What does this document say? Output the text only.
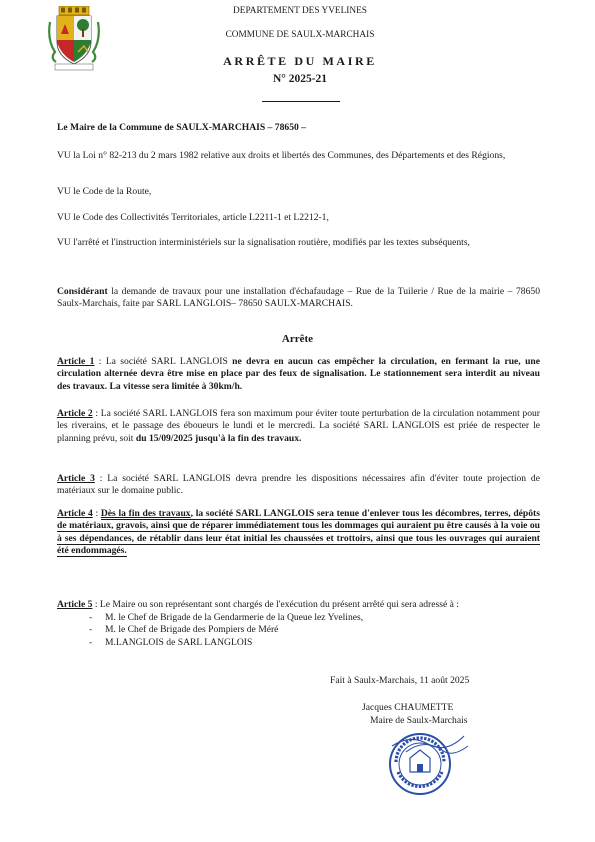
DEPARTEMENT DES YVELINES
COMMUNE DE SAULX-MARCHAIS
ARRÊTE DU MAIRE
N° 2025-21
Le Maire de la Commune de SAULX-MARCHAIS – 78650 –

VU la Loi n° 82-213 du 2 mars 1982 relative aux droits et libertés des Communes, des Départements et des Régions,

VU le Code de la Route,

VU le Code des Collectivités Territoriales, article L2211-1 et L2212-1,

VU l'arrêté et l'instruction interministériels sur la signalisation routière, modifiés par les textes subséquents,

Considérant la demande de travaux pour une installation d'échafaudage – Rue de la Tuilerie / Rue de la mairie – 78650 Saulx-Marchais, faite par SARL LANGLOIS– 78650 SAULX-MARCHAIS.

Arrête

Article 1 : La société SARL LANGLOIS ne devra en aucun cas empêcher la circulation, en fermant la rue, une circulation alternée devra être mise en place par des feux de signalisation. Le stationnement sera interdit au niveau des travaux. La vitesse sera limitée à 30km/h.

Article 2 : La société SARL LANGLOIS fera son maximum pour éviter toute perturbation de la circulation notamment pour les riverains, et le passage des éboueurs le lundi et le mercredi. La société SARL LANGLOIS est priée de respecter le planning prévu, soit du 15/09/2025 jusqu'à la fin des travaux.

Article 3 : La société SARL LANGLOIS devra prendre les dispositions nécessaires afin d'éviter toute projection de matériaux sur le domaine public.

Article 4 : Dès la fin des travaux, la société SARL LANGLOIS sera tenue d'enlever tous les décombres, terres, dépôts de matériaux, gravois, ainsi que de réparer immédiatement tous les dommages qui auraient pu être causés à la voie ou à ses dépendances, de rétablir dans leur état initial les chaussées et trottoirs, ainsi que tous les ouvrages qui auraient été endommagés.

Article 5 : Le Maire ou son représentant sont chargés de l'exécution du présent arrêté qui sera adressé à :

- M. le Chef de Brigade de la Gendarmerie de la Queue lez Yvelines,
- M. le Chef de Brigade des Pompiers de Méré
- M.LANGLOIS de SARL LANGLOIS
Fait à Saulx-Marchais, 11 août 2025
Jacques CHAUMETTE
Maire de Saulx-Marchais
